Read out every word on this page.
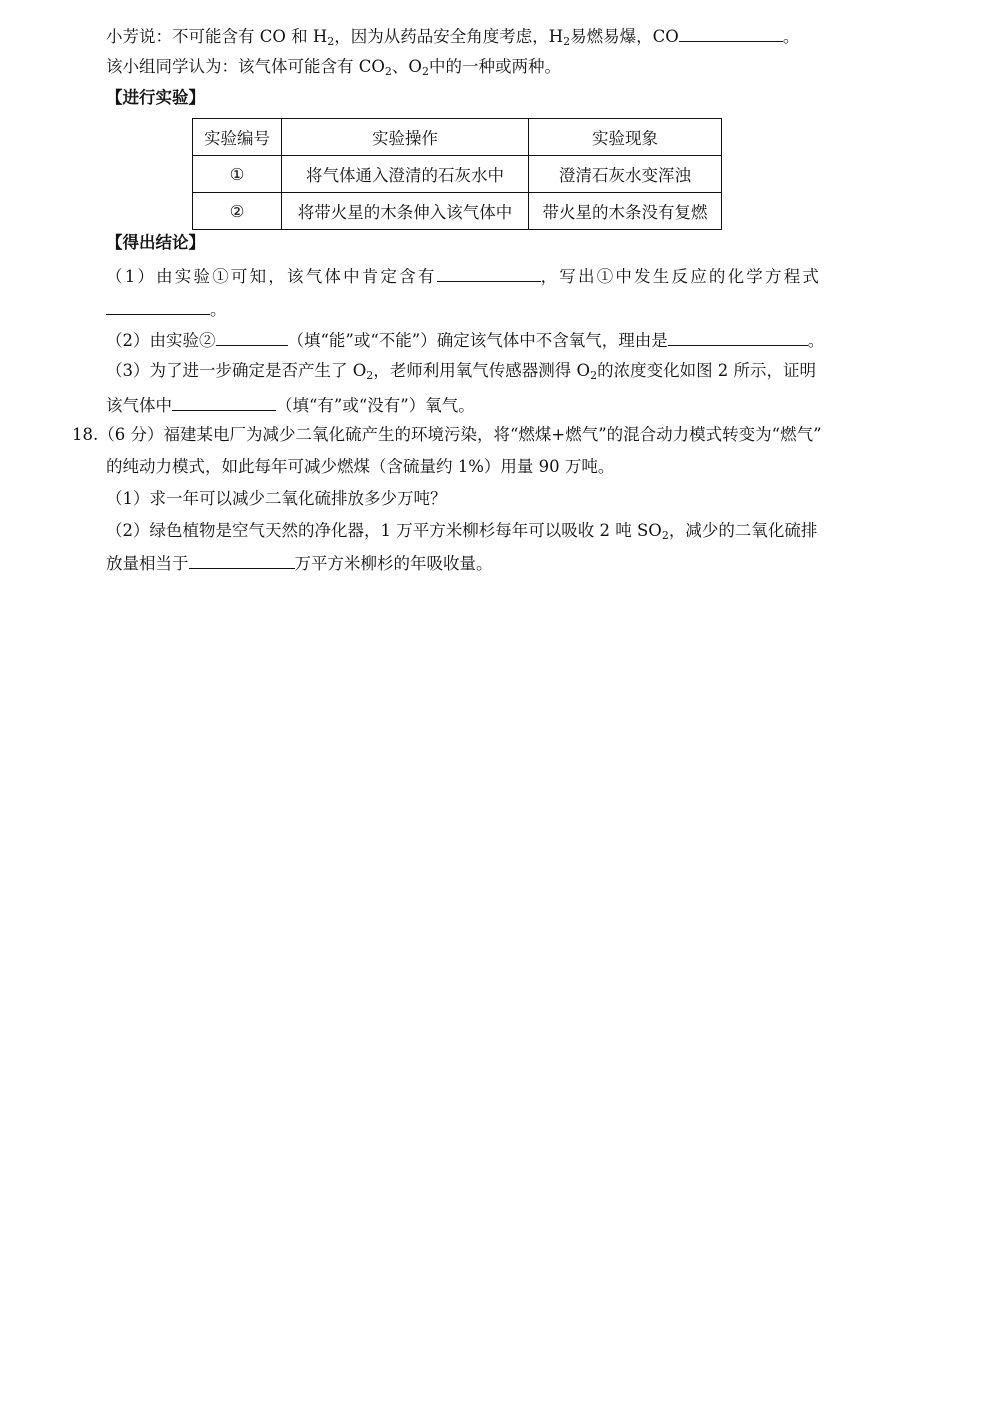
小芳说：不可能含有 CO 和 $H_2$，因为从药品安全角度考虑，$H_2$易燃易爆，CO	。
该小组同学认为：该气体可能含有 $CO_2$、$O_2$中的一种或两种。
【进行实验】
实验编号	实验操作	实验现象
①	将气体通入澄清的石灰水中	澄清石灰水变浑浊
②	将带火星的木条伸入该气体中	带火星的木条没有复燃
【得出结论】
（1）由实验①可知，该气体中肯定含有	，写出①中发生反应的化学方程式
。
（2）由实验②	（填“能”或“不能”）确定该气体中不含氧气，理由是	。
（3）为了进一步确定是否产生了 $O_2$，老师利用氧气传感器测得 $O_2$的浓度变化如图 2 所示，证明
该气体中	（填“有”或“没有”）氧气。
18.（6 分）福建某电厂为减少二氧化硫产生的环境污染，将“燃煤+燃气”的混合动力模式转变为“燃气”
的纯动力模式，如此每年可减少燃煤（含硫量约 1%）用量 90 万吨。
（1）求一年可以减少二氧化硫排放多少万吨？
（2）绿色植物是空气天然的净化器，1 万平方米柳杉每年可以吸收 2 吨 $SO_2$，减少的二氧化硫排
放量相当于	万平方米柳杉的年吸收量。
